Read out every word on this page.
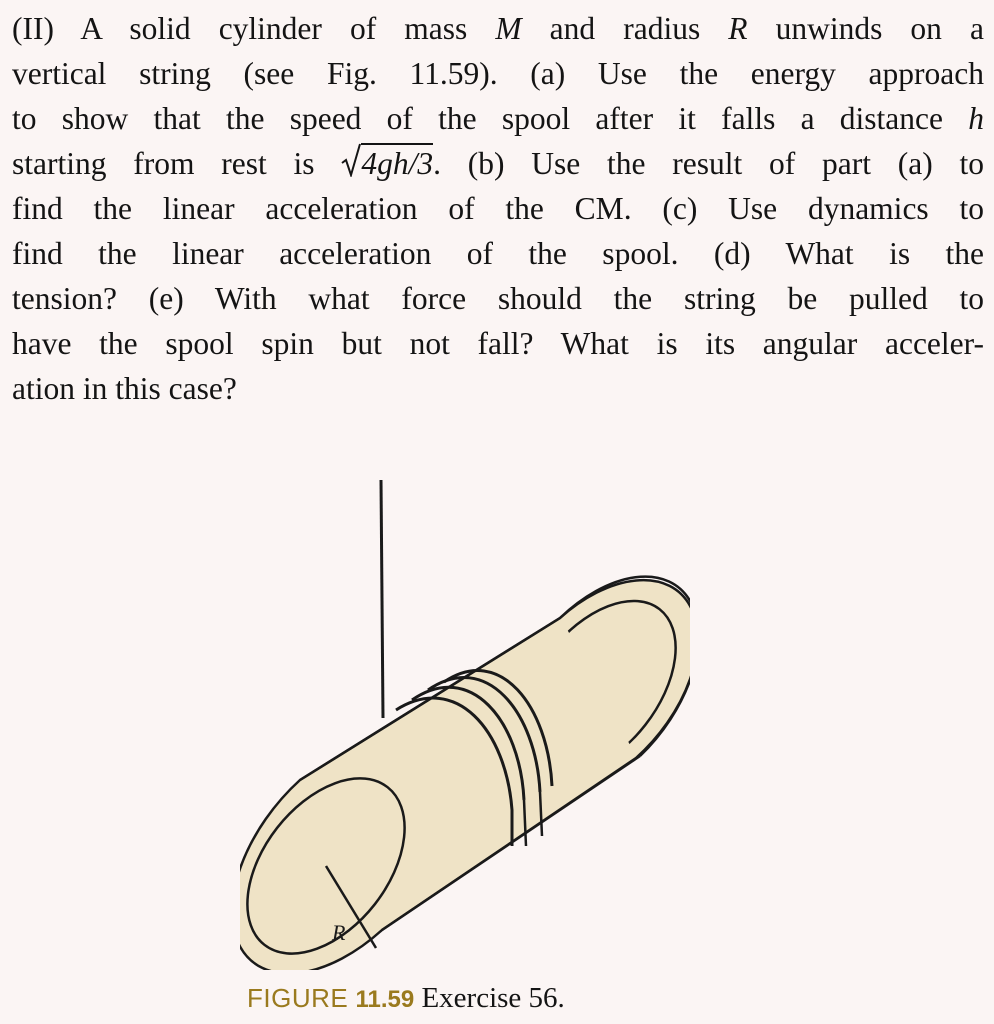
(II) A solid cylinder of mass M and radius R unwinds on a
vertical string (see Fig. 11.59). (a) Use the energy approach
to show that the speed of the spool after it falls a distance h
starting from rest is
4gh/3. (b) Use the result of part (a) to
find the linear acceleration of the CM. (c) Use dynamics to
find the linear acceleration of the spool. (d) What is the
tension? (e) With what force should the string be pulled to
have the spool spin but not fall? What is its angular acceler-
ation in this case?
R
FIGURE 11.59 Exercise 56.
